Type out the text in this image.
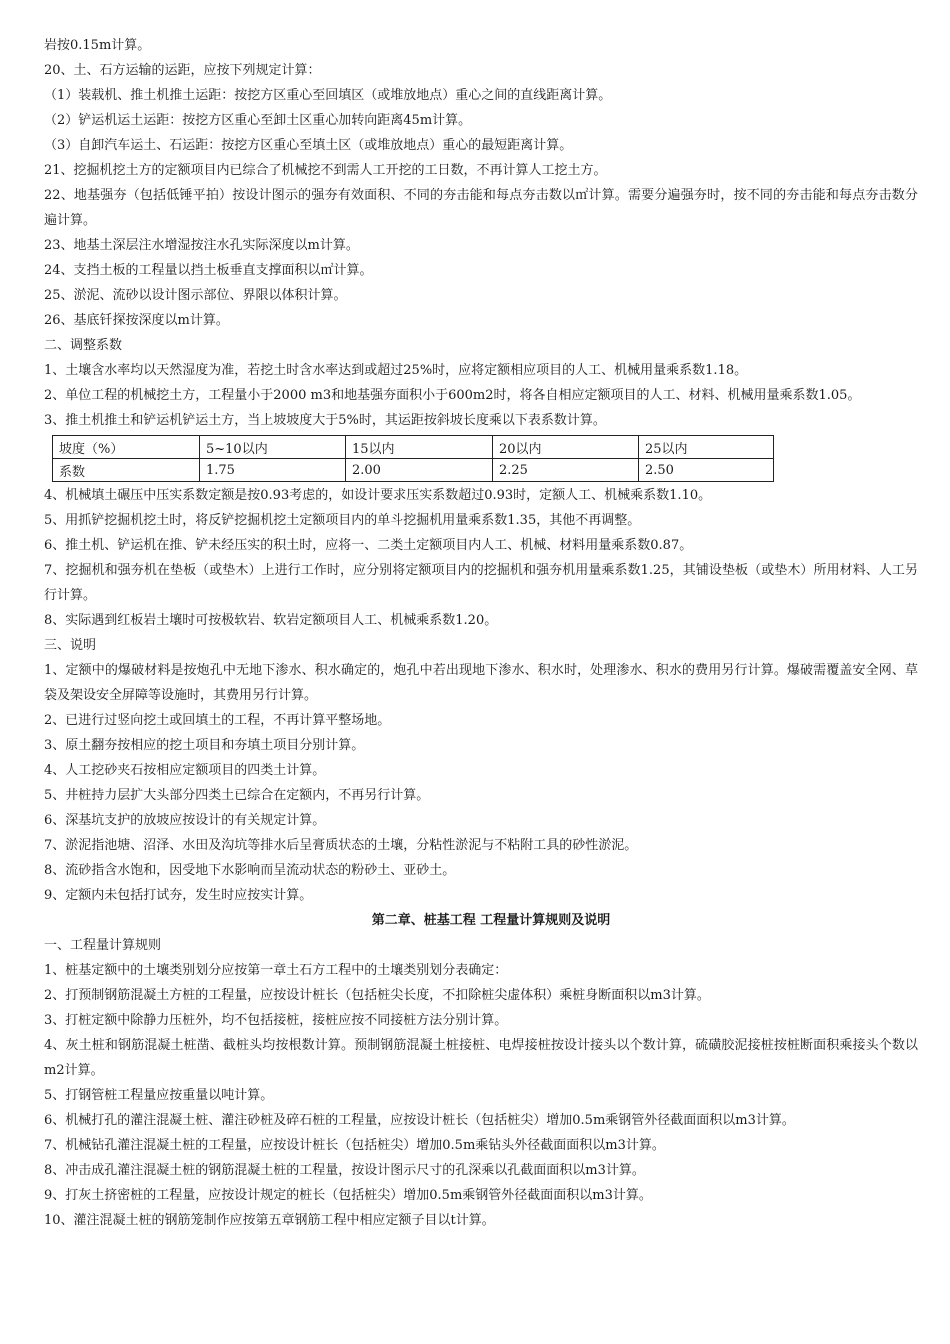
岩按0.15m计算。
20、土、石方运输的运距，应按下列规定计算：
（1）装载机、推土机推土运距：按挖方区重心至回填区（或堆放地点）重心之间的直线距离计算。
（2）铲运机运土运距：按挖方区重心至卸土区重心加转向距离45m计算。
（3）自卸汽车运土、石运距：按挖方区重心至填土区（或堆放地点）重心的最短距离计算。
21、挖掘机挖土方的定额项目内已综合了机械挖不到需人工开挖的工日数，不再计算人工挖土方。
22、地基强夯（包括低锤平拍）按设计图示的强夯有效面积、不同的夯击能和每点夯击数以㎡计算。需要分遍强夯时，按不同的夯击能和每点夯击数分遍计算。
23、地基土深层注水增湿按注水孔实际深度以m计算。
24、支挡土板的工程量以挡土板垂直支撑面积以㎡计算。
25、淤泥、流砂以设计图示部位、界限以体积计算。
26、基底钎探按深度以m计算。
二、调整系数
1、土壤含水率均以天然湿度为准，若挖土时含水率达到或超过25%时，应将定额相应项目的人工、机械用量乘系数1.18。
2、单位工程的机械挖土方，工程量小于2000 m3和地基强夯面积小于600m2时，将各自相应定额项目的人工、材料、机械用量乘系数1.05。
3、推土机推土和铲运机铲运土方，当上坡坡度大于5%时，其运距按斜坡长度乘以下表系数计算。
坡度（%）	5~10以内	15以内	20以内	25以内
系数	1.75	2.00	2.25	2.50
4、机械填土碾压中压实系数定额是按0.93考虑的，如设计要求压实系数超过0.93时，定额人工、机械乘系数1.10。
5、用抓铲挖掘机挖土时，将反铲挖掘机挖土定额项目内的单斗挖掘机用量乘系数1.35，其他不再调整。
6、推土机、铲运机在推、铲未经压实的积土时，应将一、二类土定额项目内人工、机械、材料用量乘系数0.87。
7、挖掘机和强夯机在垫板（或垫木）上进行工作时，应分别将定额项目内的挖掘机和强夯机用量乘系数1.25，其铺设垫板（或垫木）所用材料、人工另行计算。
8、实际遇到红板岩土壤时可按极软岩、软岩定额项目人工、机械乘系数1.20。
三、说明
1、定额中的爆破材料是按炮孔中无地下渗水、积水确定的，炮孔中若出现地下渗水、积水时，处理渗水、积水的费用另行计算。爆破需覆盖安全网、草袋及架设安全屏障等设施时，其费用另行计算。
2、已进行过竖向挖土或回填土的工程，不再计算平整场地。
3、原土翻夯按相应的挖土项目和夯填土项目分别计算。
4、人工挖砂夹石按相应定额项目的四类土计算。
5、井桩持力层扩大头部分四类土已综合在定额内，不再另行计算。
6、深基坑支护的放坡应按设计的有关规定计算。
7、淤泥指池塘、沼泽、水田及沟坑等排水后呈膏质状态的土壤，分粘性淤泥与不粘附工具的砂性淤泥。
8、流砂指含水饱和，因受地下水影响而呈流动状态的粉砂土、亚砂土。
9、定额内未包括打试夯，发生时应按实计算。
第二章、桩基工程 工程量计算规则及说明
一、工程量计算规则
1、桩基定额中的土壤类别划分应按第一章土石方工程中的土壤类别划分表确定：
2、打预制钢筋混凝土方桩的工程量，应按设计桩长（包括桩尖长度，不扣除桩尖虚体积）乘桩身断面积以m3计算。
3、打桩定额中除静力压桩外，均不包括接桩，接桩应按不同接桩方法分别计算。
4、灰土桩和钢筋混凝土桩凿、截桩头均按根数计算。预制钢筋混凝土桩接桩、电焊接桩按设计接头以个数计算，硫磺胶泥接桩按桩断面积乘接头个数以m2计算。
5、打钢管桩工程量应按重量以吨计算。
6、机械打孔的灌注混凝土桩、灌注砂桩及碎石桩的工程量，应按设计桩长（包括桩尖）增加0.5m乘钢管外径截面面积以m3计算。
7、机械钻孔灌注混凝土桩的工程量，应按设计桩长（包括桩尖）增加0.5m乘钻头外径截面面积以m3计算。
8、冲击成孔灌注混凝土桩的钢筋混凝土桩的工程量，按设计图示尺寸的孔深乘以孔截面面积以m3计算。
9、打灰土挤密桩的工程量，应按设计规定的桩长（包括桩尖）增加0.5m乘钢管外径截面面积以m3计算。
10、灌注混凝土桩的钢筋笼制作应按第五章钢筋工程中相应定额子目以t计算。
